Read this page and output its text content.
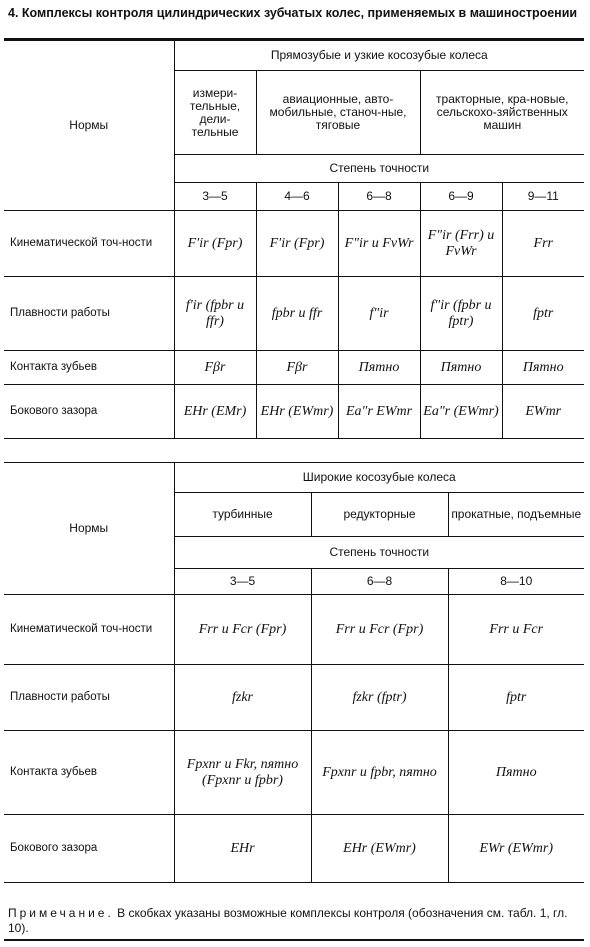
4. Комплексы контроля цилиндрических зубчатых колес, применяемых в машиностроении
Нормы	Прямозубые и узкие косозубые колеса				
	измери-тельные, дели-тельные	авиационные, авто-мобильные, станоч-ные, тяговые		тракторные, кра-новые, сельскохо-зяйственных машин	
	Степень точности				
	3—5	4—6	6—8	6—9	9—11
Кинематической точ-ности	F′ir (Fpr)	F′ir (Fpr)	F″ir и FvWr	F″ir (Frr) и FvWr	Frr
Плавности работы	f′ir (fpbr и ffr)	fpbr и ffr	f″ir	f″ir (fpbr и fptr)	fptr
Контакта зубьев	Fβr	Fβr	Пятно	Пятно	Пятно
Бокового зазора	EHr (EMr)	EHr (EWmr)	Ea″r EWmr	Ea″r (EWmr)	EWmr
Нормы	Широкие косозубые колеса		
	турбинные	редукторные	прокатные, подъемные
	Степень точности		
	3—5	6—8	8—10
Кинематической точ-ности	Frr и Fcr (Fpr)	Frr и Fcr (Fpr)	Frr и Fcr
Плавности работы	fzkr	fzkr (fptr)	fptr
Контакта зубьев	Fpxnr и Fkr, пятно (Fpxnr и fpbr)	Fpxnr и fpbr, пятно	Пятно
Бокового зазора	EHr	EHr (EWmr)	EWr (EWmr)
Примечание. В скобках указаны возможные комплексы контроля (обозначения см. табл. 1, гл. 10).
